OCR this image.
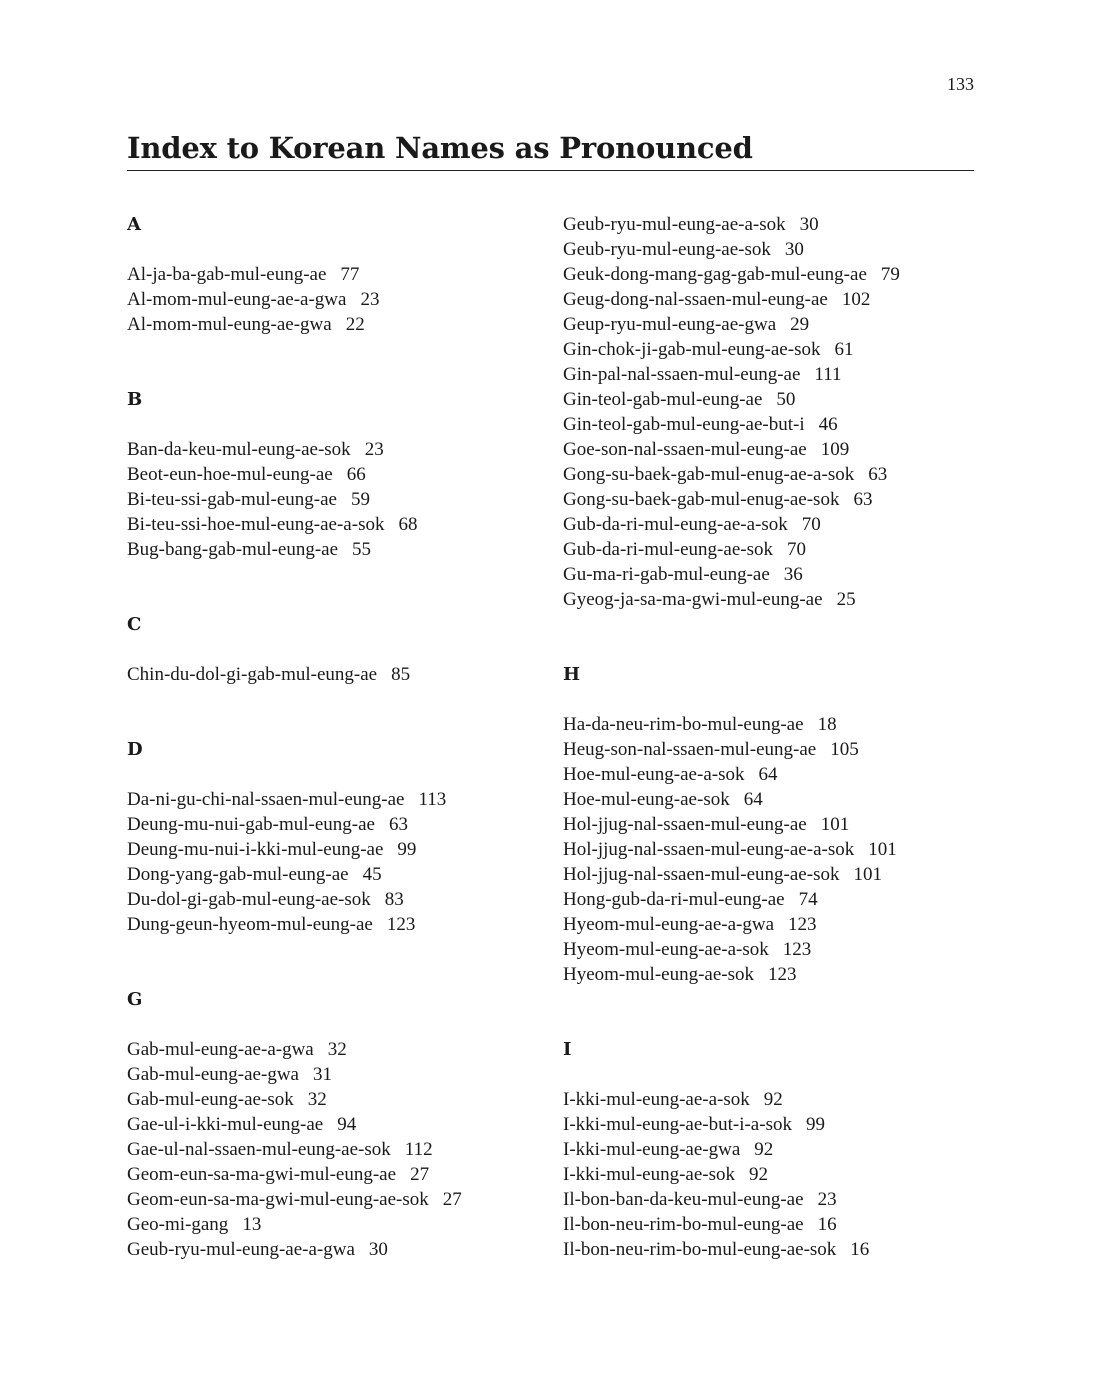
133
Index to Korean Names as Pronounced
A
Al-ja-ba-gab-mul-eung-ae 77
Al-mom-mul-eung-ae-a-gwa 23
Al-mom-mul-eung-ae-gwa 22
B
Ban-da-keu-mul-eung-ae-sok 23
Beot-eun-hoe-mul-eung-ae 66
Bi-teu-ssi-gab-mul-eung-ae 59
Bi-teu-ssi-hoe-mul-eung-ae-a-sok 68
Bug-bang-gab-mul-eung-ae 55
C
Chin-du-dol-gi-gab-mul-eung-ae 85
D
Da-ni-gu-chi-nal-ssaen-mul-eung-ae 113
Deung-mu-nui-gab-mul-eung-ae 63
Deung-mu-nui-i-kki-mul-eung-ae 99
Dong-yang-gab-mul-eung-ae 45
Du-dol-gi-gab-mul-eung-ae-sok 83
Dung-geun-hyeom-mul-eung-ae 123
G
Gab-mul-eung-ae-a-gwa 32
Gab-mul-eung-ae-gwa 31
Gab-mul-eung-ae-sok 32
Gae-ul-i-kki-mul-eung-ae 94
Gae-ul-nal-ssaen-mul-eung-ae-sok 112
Geom-eun-sa-ma-gwi-mul-eung-ae 27
Geom-eun-sa-ma-gwi-mul-eung-ae-sok 27
Geo-mi-gang 13
Geub-ryu-mul-eung-ae-a-gwa 30
Geub-ryu-mul-eung-ae-a-sok 30
Geub-ryu-mul-eung-ae-sok 30
Geuk-dong-mang-gag-gab-mul-eung-ae 79
Geug-dong-nal-ssaen-mul-eung-ae 102
Geup-ryu-mul-eung-ae-gwa 29
Gin-chok-ji-gab-mul-eung-ae-sok 61
Gin-pal-nal-ssaen-mul-eung-ae 111
Gin-teol-gab-mul-eung-ae 50
Gin-teol-gab-mul-eung-ae-but-i 46
Goe-son-nal-ssaen-mul-eung-ae 109
Gong-su-baek-gab-mul-enug-ae-a-sok 63
Gong-su-baek-gab-mul-enug-ae-sok 63
Gub-da-ri-mul-eung-ae-a-sok 70
Gub-da-ri-mul-eung-ae-sok 70
Gu-ma-ri-gab-mul-eung-ae 36
Gyeog-ja-sa-ma-gwi-mul-eung-ae 25
H
Ha-da-neu-rim-bo-mul-eung-ae 18
Heug-son-nal-ssaen-mul-eung-ae 105
Hoe-mul-eung-ae-a-sok 64
Hoe-mul-eung-ae-sok 64
Hol-jjug-nal-ssaen-mul-eung-ae 101
Hol-jjug-nal-ssaen-mul-eung-ae-a-sok 101
Hol-jjug-nal-ssaen-mul-eung-ae-sok 101
Hong-gub-da-ri-mul-eung-ae 74
Hyeom-mul-eung-ae-a-gwa 123
Hyeom-mul-eung-ae-a-sok 123
Hyeom-mul-eung-ae-sok 123
I
I-kki-mul-eung-ae-a-sok 92
I-kki-mul-eung-ae-but-i-a-sok 99
I-kki-mul-eung-ae-gwa 92
I-kki-mul-eung-ae-sok 92
Il-bon-ban-da-keu-mul-eung-ae 23
Il-bon-neu-rim-bo-mul-eung-ae 16
Il-bon-neu-rim-bo-mul-eung-ae-sok 16
